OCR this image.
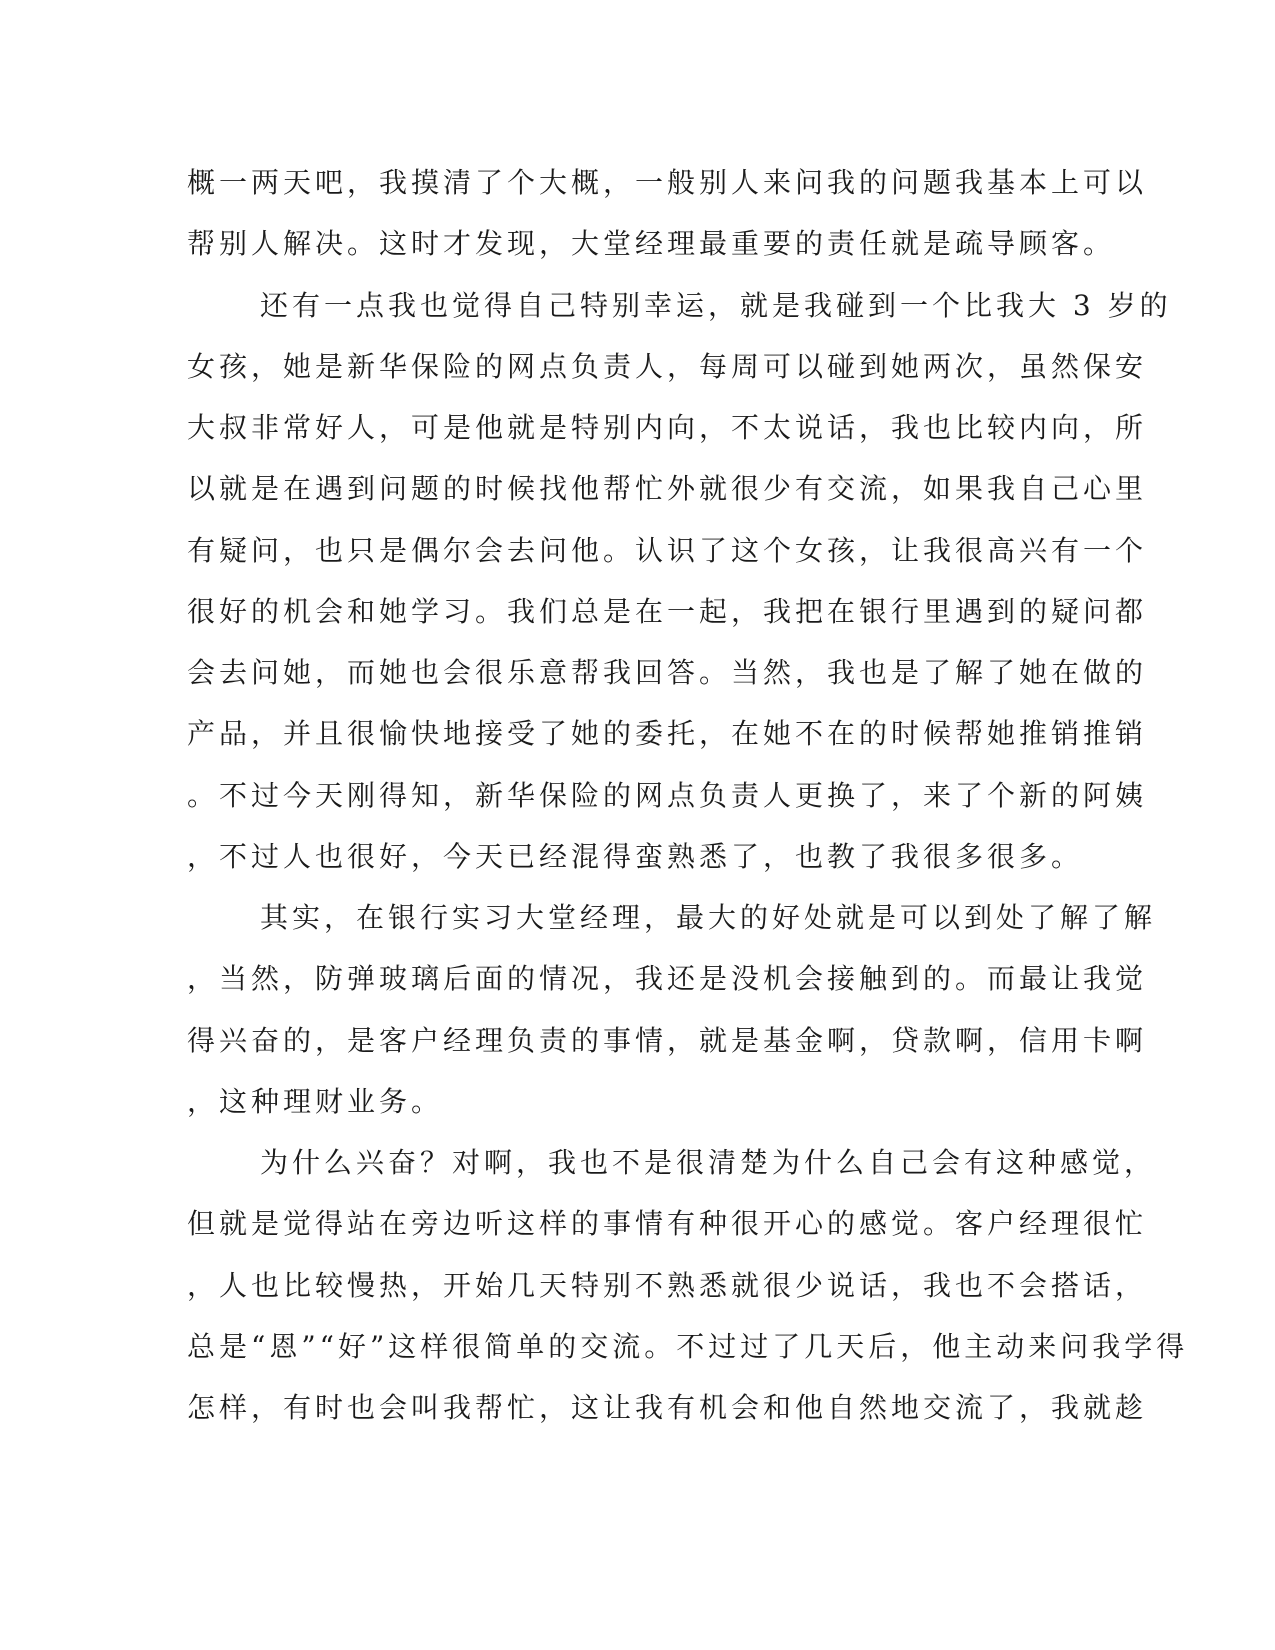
概一两天吧，我摸清了个大概，一般别人来问我的问题我基本上可以
帮别人解决。这时才发现，大堂经理最重要的责任就是疏导顾客。
还有一点我也觉得自己特别幸运，就是我碰到一个比我大 3 岁的
女孩，她是新华保险的网点负责人，每周可以碰到她两次，虽然保安
大叔非常好人，可是他就是特别内向，不太说话，我也比较内向，所
以就是在遇到问题的时候找他帮忙外就很少有交流，如果我自己心里
有疑问，也只是偶尔会去问他。认识了这个女孩，让我很高兴有一个
很好的机会和她学习。我们总是在一起，我把在银行里遇到的疑问都
会去问她，而她也会很乐意帮我回答。当然，我也是了解了她在做的
产品，并且很愉快地接受了她的委托，在她不在的时候帮她推销推销
。不过今天刚得知，新华保险的网点负责人更换了，来了个新的阿姨
，不过人也很好，今天已经混得蛮熟悉了，也教了我很多很多。
其实，在银行实习大堂经理，最大的好处就是可以到处了解了解
，当然，防弹玻璃后面的情况，我还是没机会接触到的。而最让我觉
得兴奋的，是客户经理负责的事情，就是基金啊，贷款啊，信用卡啊
，这种理财业务。
为什么兴奋？对啊，我也不是很清楚为什么自己会有这种感觉，
但就是觉得站在旁边听这样的事情有种很开心的感觉。客户经理很忙
，人也比较慢热，开始几天特别不熟悉就很少说话，我也不会搭话，
总是“恩”“好”这样很简单的交流。不过过了几天后，他主动来问我学得
怎样，有时也会叫我帮忙，这让我有机会和他自然地交流了，我就趁
